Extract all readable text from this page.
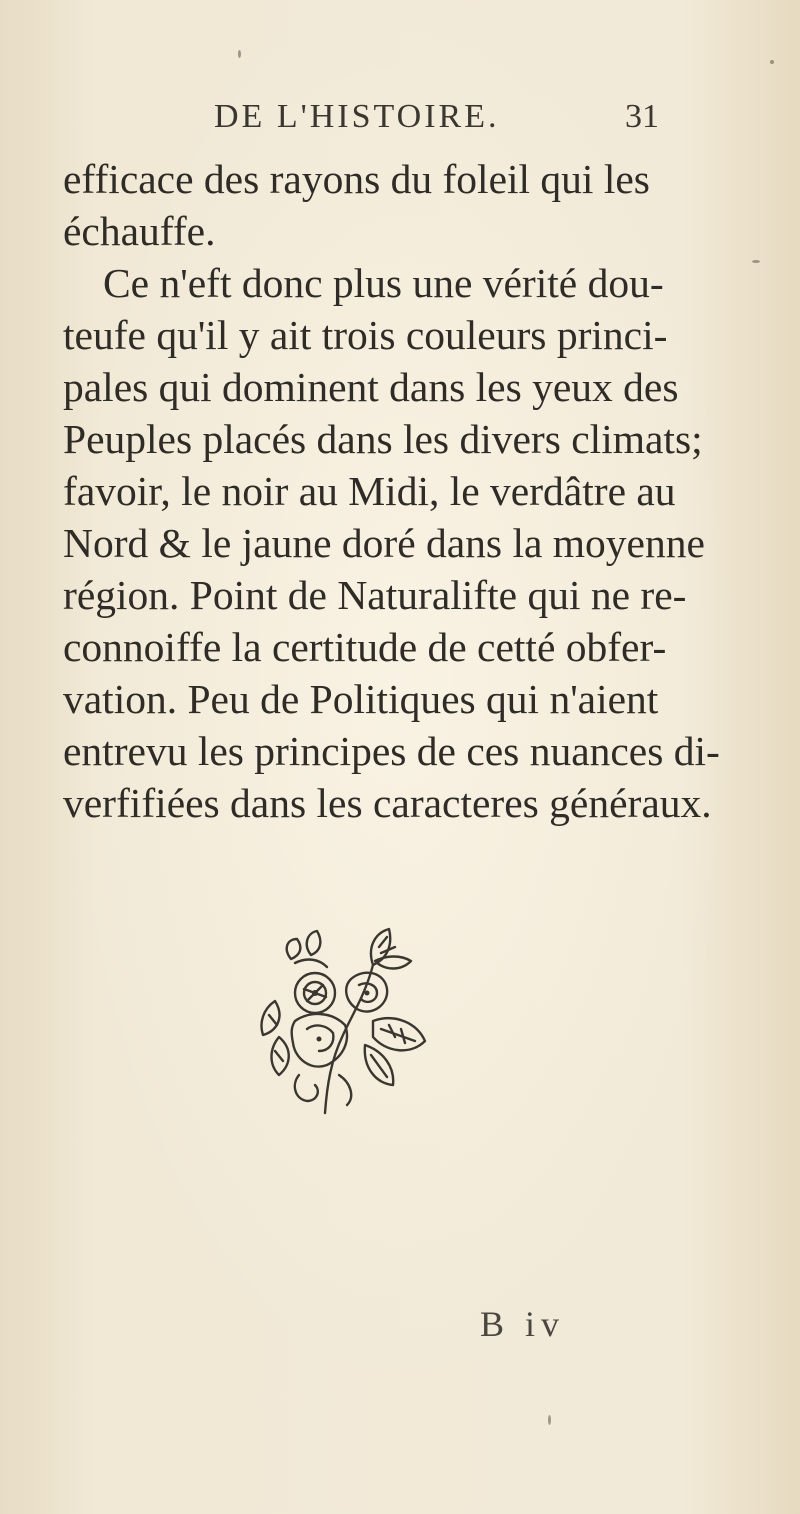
DE L'HISTOIRE.	31
efficace des rayons du foleil qui les
échauffe.
Ce n'eft donc plus une vérité dou-
teufe qu'il y ait trois couleurs princi-
pales qui dominent dans les yeux des
Peuples placés dans les divers climats;
favoir, le noir au Midi, le verdâtre au
Nord & le jaune doré dans la moyenne
région. Point de Naturalifte qui ne re-
connoiffe la certitude de cetté obfer-
vation. Peu de Politiques qui n'aient
entrevu les principes de ces nuances di-
verfifiées dans les caracteres généraux.
B iv
